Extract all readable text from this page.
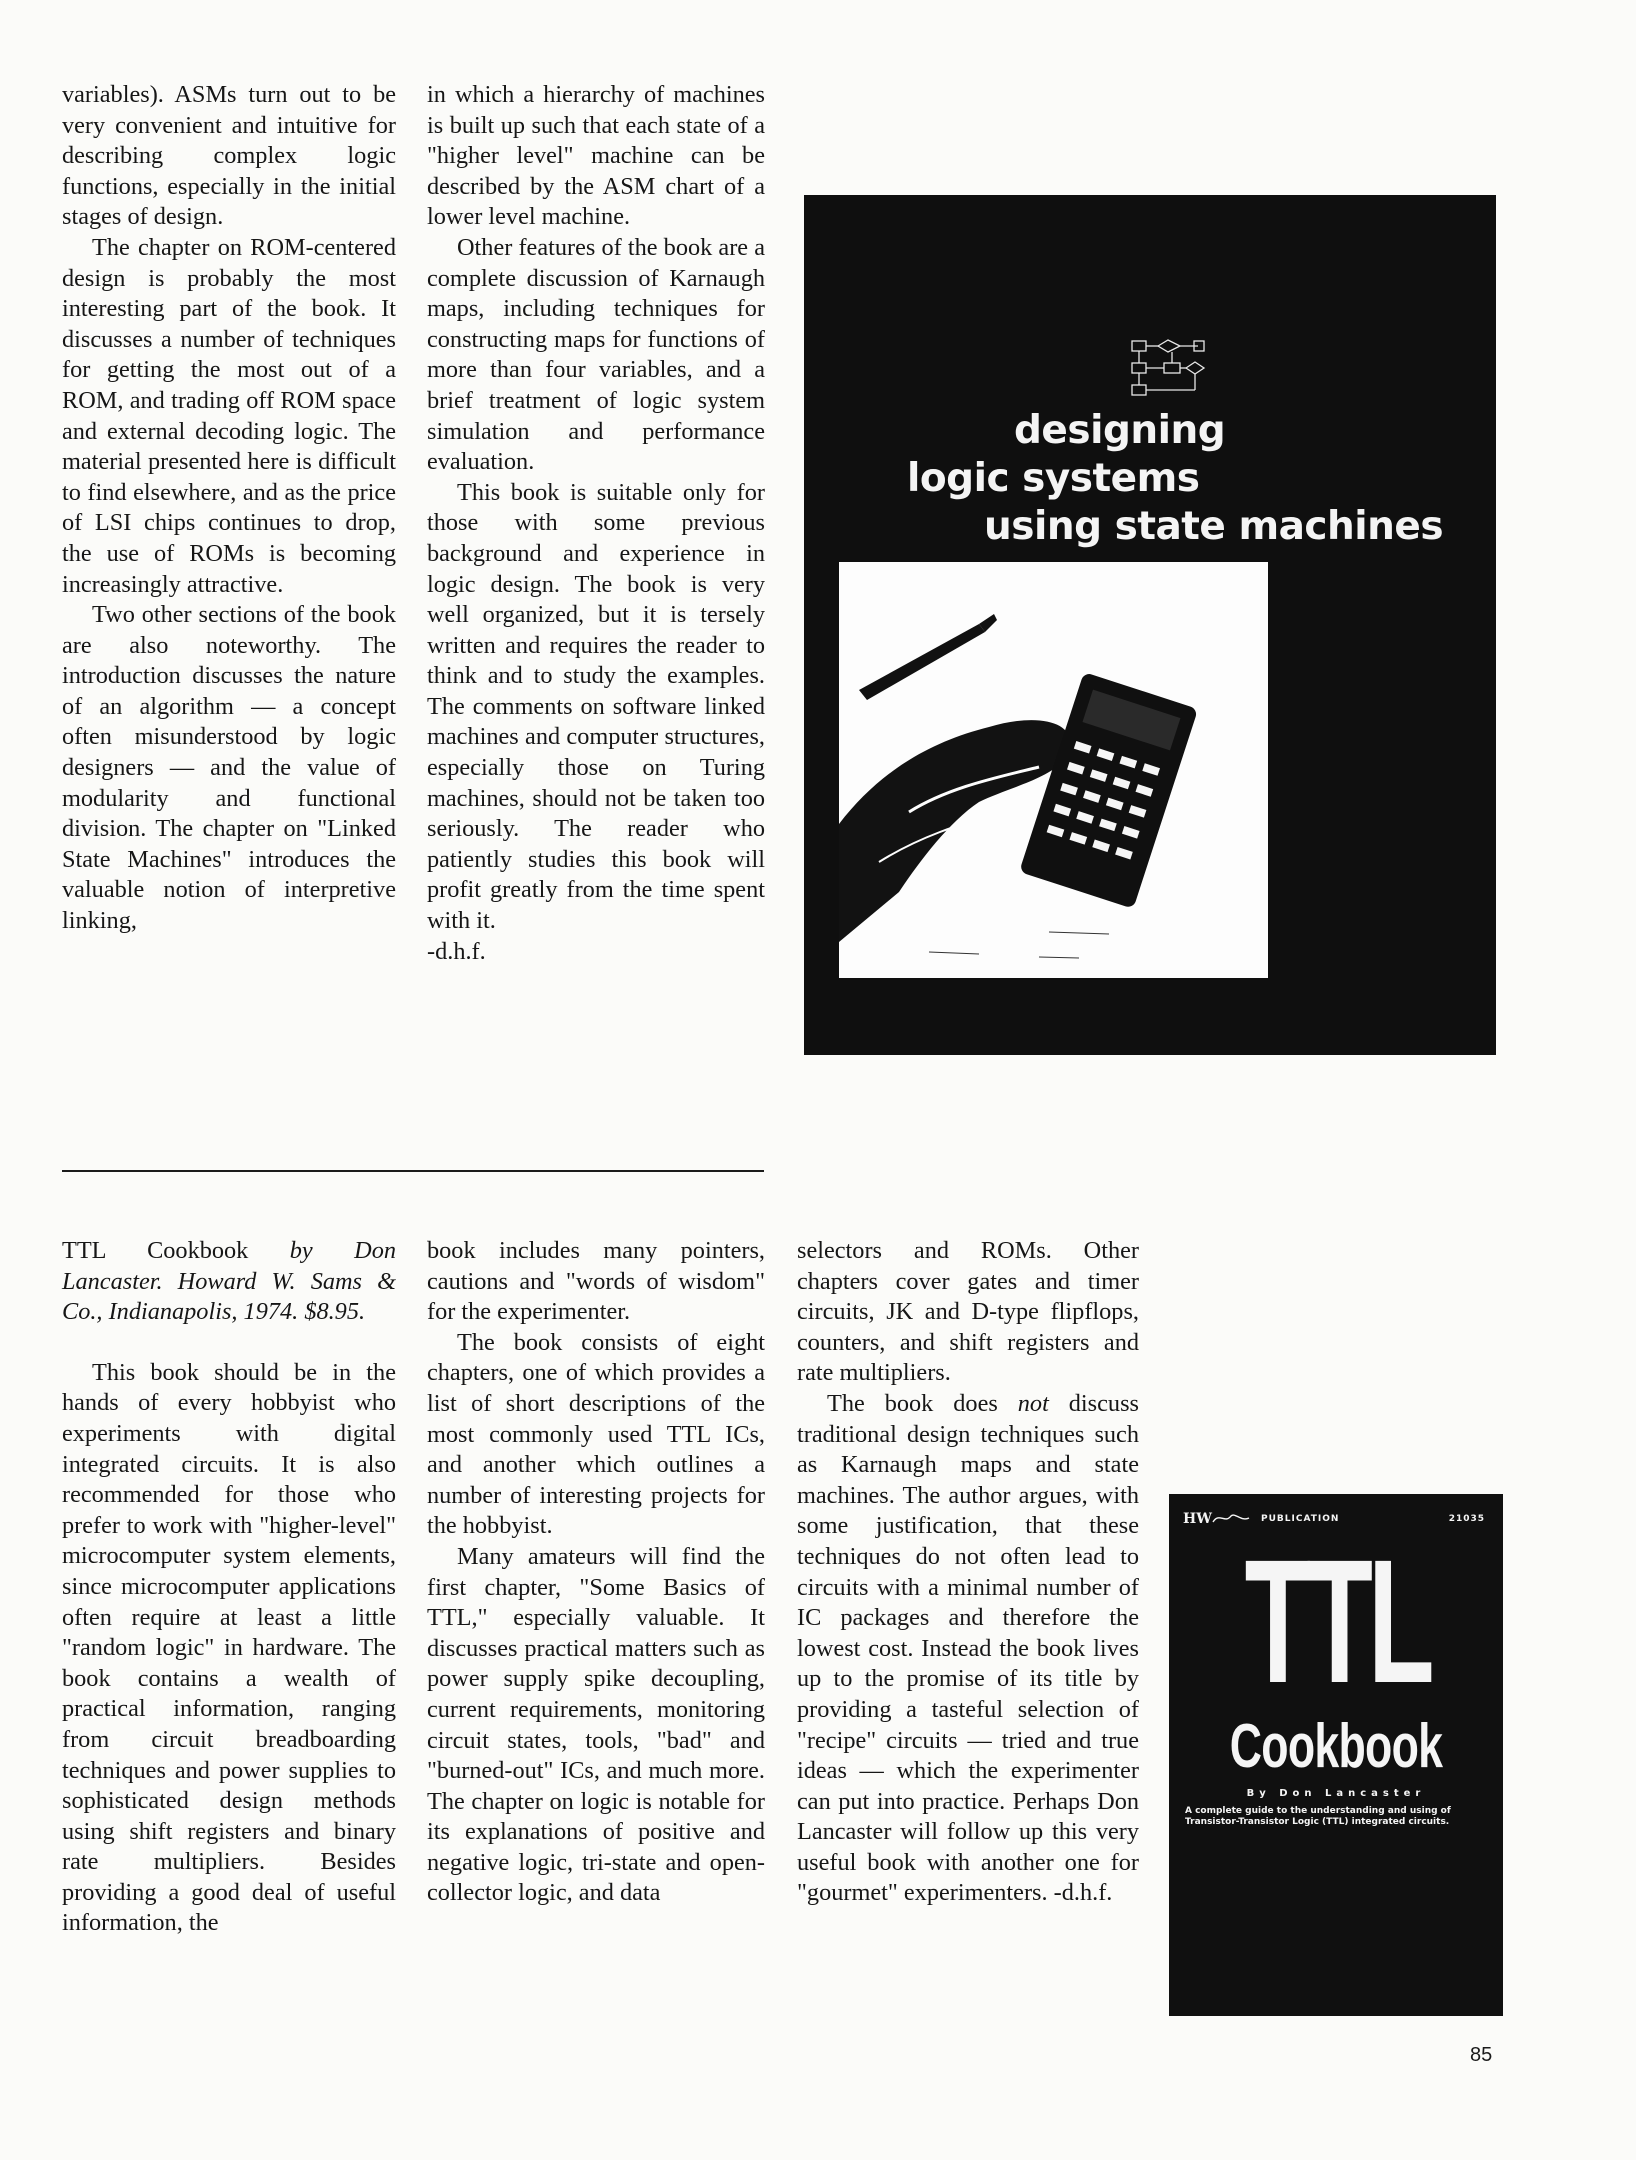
variables). ASMs turn out to be very convenient and intuitive for describing complex logic functions, especially in the initial stages of design.

The chapter on ROM-centered design is probably the most interesting part of the book. It discusses a number of techniques for getting the most out of a ROM, and trading off ROM space and external decoding logic. The material presented here is difficult to find elsewhere, and as the price of LSI chips continues to drop, the use of ROMs is becoming increasingly attractive.

Two other sections of the book are also noteworthy. The introduction discusses the nature of an algorithm — a concept often misunderstood by logic designers — and the value of modularity and functional division. The chapter on "Linked State Machines" introduces the valuable notion of interpretive linking,

in which a hierarchy of machines is built up such that each state of a "higher level" machine can be described by the ASM chart of a lower level machine.

Other features of the book are a complete discussion of Karnaugh maps, including techniques for constructing maps for functions of more than four variables, and a brief treatment of logic system simulation and performance evaluation.

This book is suitable only for those with some previous background and experience in logic design. The book is very well organized, but it is tersely written and requires the reader to think and to study the examples. The comments on software linked machines and computer structures, especially those on Turing machines, should not be taken too seriously. The reader who patiently studies this book will profit greatly from the time spent with it.

-d.h.f.

designing
logic systems
using state machines

TTL Cookbook by Don Lancaster. Howard W. Sams & Co., Indianapolis, 1974. $8.95.

This book should be in the hands of every hobbyist who experiments with digital integrated circuits. It is also recommended for those who prefer to work with "higher-level" microcomputer system elements, since microcomputer applications often require at least a little "random logic" in hardware. The book contains a wealth of practical information, ranging from circuit breadboarding techniques and power supplies to sophisticated design methods using shift registers and binary rate multipliers. Besides providing a good deal of useful information, the

book includes many pointers, cautions and "words of wisdom" for the experimenter.

The book consists of eight chapters, one of which provides a list of short descriptions of the most commonly used TTL ICs, and another which outlines a number of interesting projects for the hobbyist.

Many amateurs will find the first chapter, "Some Basics of TTL," especially valuable. It discusses practical matters such as power supply spike decoupling, current requirements, monitoring circuit states, tools, "bad" and "burned-out" ICs, and much more. The chapter on logic is notable for its explanations of positive and negative logic, tri-state and open-collector logic, and data

selectors and ROMs. Other chapters cover gates and timer circuits, JK and D-type flipflops, counters, and shift registers and rate multipliers.

The book does not discuss traditional design techniques such as Karnaugh maps and state machines. The author argues, with some justification, that these techniques do not often lead to circuits with a minimal number of IC packages and therefore the lowest cost. Instead the book lives up to the promise of its title by providing a tasteful selection of "recipe" circuits — tried and true ideas — which the experimenter can put into practice. Perhaps Don Lancaster will follow up this very useful book with another one for "gourmet" experimenters. -d.h.f.

HW	PUBLICATION	21035
TTL
Cookbook
By Don Lancaster
A complete guide to the understanding and using of Transistor-Transistor Logic (TTL) integrated circuits.
85
